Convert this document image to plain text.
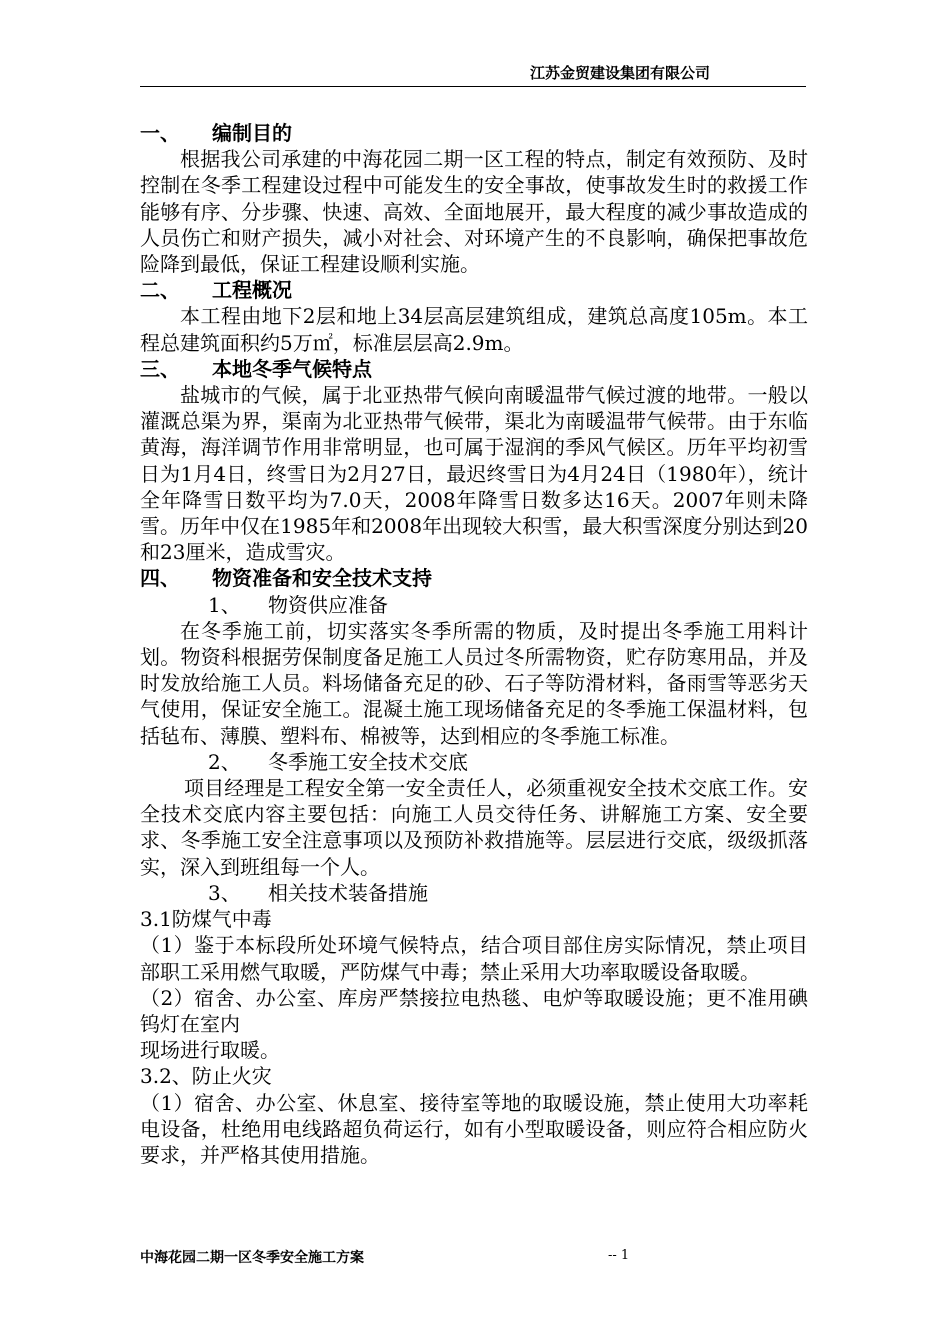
江苏金贸建设集团有限公司
一、 编制目的
根据我公司承建的中海花园二期一区工程的特点，制定有效预防、及时控制在冬季工程建设过程中可能发生的安全事故，使事故发生时的救援工作能够有序、分步骤、快速、高效、全面地展开，最大程度的减少事故造成的人员伤亡和财产损失，减小对社会、对环境产生的不良影响，确保把事故危险降到最低，保证工程建设顺利实施。
二、 工程概况
本工程由地下2层和地上34层高层建筑组成，建筑总高度105m。本工程总建筑面积约5万㎡，标准层层高2.9m。
三、 本地冬季气候特点
盐城市的气候，属于北亚热带气候向南暖温带气候过渡的地带。一般以灌溉总渠为界，渠南为北亚热带气候带，渠北为南暖温带气候带。由于东临黄海，海洋调节作用非常明显，也可属于湿润的季风气候区。历年平均初雪日为1月4日，终雪日为2月27日，最迟终雪日为4月24日（1980年），统计全年降雪日数平均为7.0天，2008年降雪日数多达16天。2007年则未降雪。历年中仅在1985年和2008年出现较大积雪，最大积雪深度分别达到20和23厘米，造成雪灾。
四、 物资准备和安全技术支持
1、 物资供应准备
在冬季施工前，切实落实冬季所需的物质，及时提出冬季施工用料计划。物资科根据劳保制度备足施工人员过冬所需物资，贮存防寒用品，并及时发放给施工人员。料场储备充足的砂、石子等防滑材料，备雨雪等恶劣天气使用，保证安全施工。混凝土施工现场储备充足的冬季施工保温材料，包括毡布、薄膜、塑料布、棉被等，达到相应的冬季施工标准。
2、 冬季施工安全技术交底
项目经理是工程安全第一安全责任人，必须重视安全技术交底工作。安全技术交底内容主要包括：向施工人员交待任务、讲解施工方案、安全要求、冬季施工安全注意事项以及预防补救措施等。层层进行交底，级级抓落实，深入到班组每一个人。
3、 相关技术装备措施
3.1防煤气中毒
（1）鉴于本标段所处环境气候特点，结合项目部住房实际情况，禁止项目部职工采用燃气取暖，严防煤气中毒；禁止采用大功率取暖设备取暖。
（2）宿舍、办公室、库房严禁接拉电热毯、电炉等取暖设施；更不准用碘钨灯在室内
现场进行取暖。
3.2、防止火灾
（1）宿舍、办公室、休息室、接待室等地的取暖设施，禁止使用大功率耗电设备，杜绝用电线路超负荷运行，如有小型取暖设备，则应符合相应防火要求，并严格其使用措施。
中海花园二期一区冬季安全施工方案	-- 1
